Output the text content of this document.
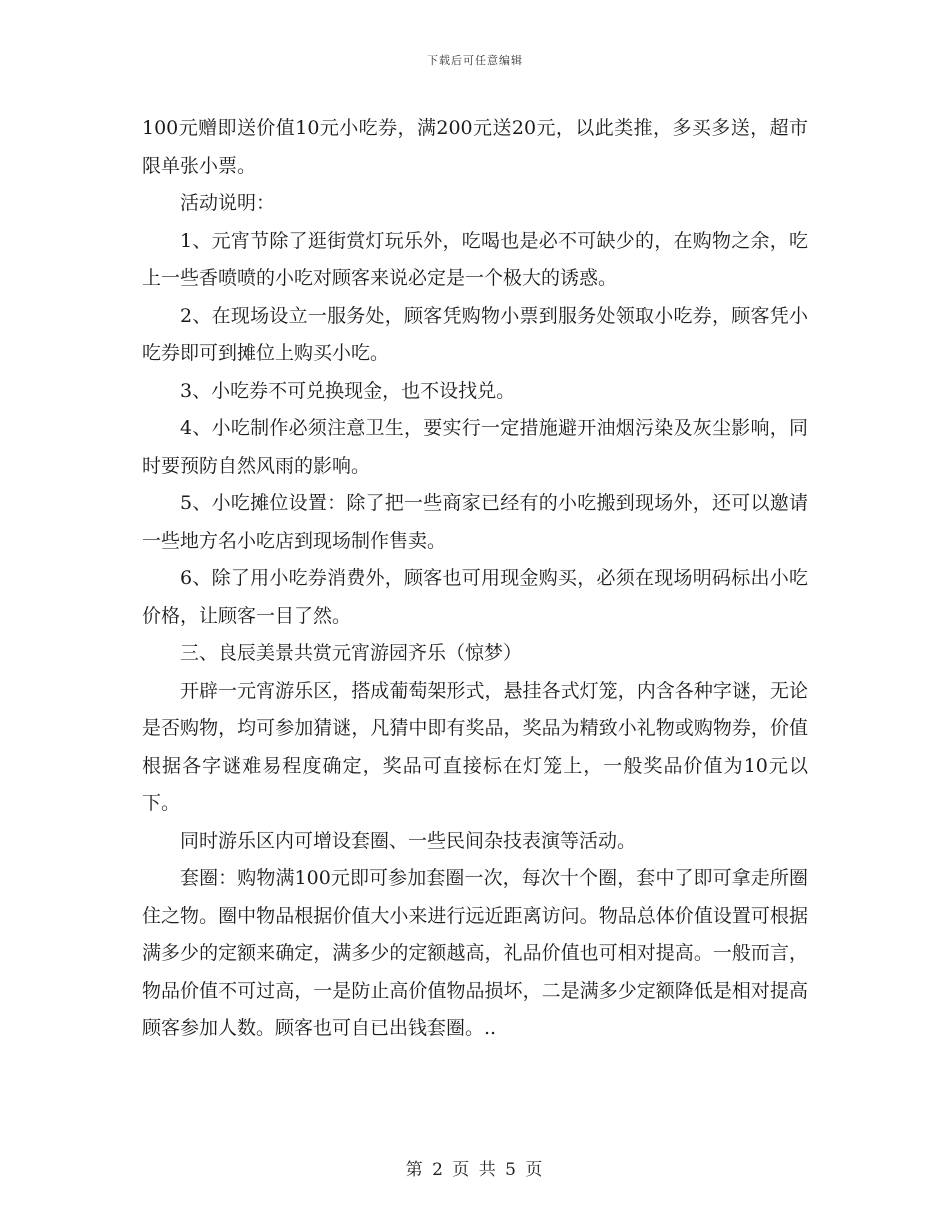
下载后可任意编辑

100元赠即送价值10元小吃券，满200元送20元，以此类推，多买多送，超市限单张小票。

活动说明：

1、元宵节除了逛街赏灯玩乐外，吃喝也是必不可缺少的，在购物之余，吃上一些香喷喷的小吃对顾客来说必定是一个极大的诱惑。

2、在现场设立一服务处，顾客凭购物小票到服务处领取小吃券，顾客凭小吃券即可到摊位上购买小吃。

3、小吃券不可兑换现金，也不设找兑。

4、小吃制作必须注意卫生，要实行一定措施避开油烟污染及灰尘影响，同时要预防自然风雨的影响。

5、小吃摊位设置：除了把一些商家已经有的小吃搬到现场外，还可以邀请一些地方名小吃店到现场制作售卖。

6、除了用小吃券消费外，顾客也可用现金购买，必须在现场明码标出小吃价格，让顾客一目了然。

三、良辰美景共赏元宵游园齐乐（惊梦）

开辟一元宵游乐区，搭成葡萄架形式，悬挂各式灯笼，内含各种字谜，无论是否购物，均可参加猜谜，凡猜中即有奖品，奖品为精致小礼物或购物券，价值根据各字谜难易程度确定，奖品可直接标在灯笼上，一般奖品价值为10元以下。

同时游乐区内可增设套圈、一些民间杂技表演等活动。

套圈：购物满100元即可参加套圈一次，每次十个圈，套中了即可拿走所圈住之物。圈中物品根据价值大小来进行远近距离访问。物品总体价值设置可根据满多少的定额来确定，满多少的定额越高，礼品价值也可相对提高。一般而言，物品价值不可过高，一是防止高价值物品损坏，二是满多少定额降低是相对提高顾客参加人数。顾客也可自已出钱套圈。..

第 2 页 共 5 页
